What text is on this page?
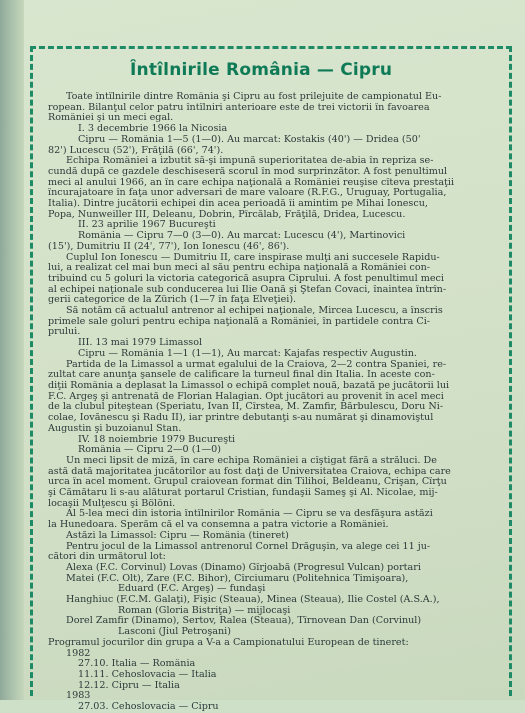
Întîlnirile România — Cipru
Toate întîlnirile dintre România şi Cipru au fost prilejuite de campionatul Eu-
ropean. Bilanţul celor patru întîlniri anterioare este de trei victorii în favoarea
României şi un meci egal.
I. 3 decembrie 1966 la Nicosia
Cipru — România 1—5 (1—0). Au marcat: Kostakis (40') — Dridea (50'
82') Lucescu (52'), Frăţilă (66', 74').
Echipa României a izbutit să-şi impună superioritatea de-abia în repriza se-
cundă după ce gazdele deschiseseră scorul în mod surprinzător. A fost penultimul
meci al anului 1966, an în care echipa naţională a României reuşise cîteva prestaţii
încurajatoare în faţa unor adversari de mare valoare (R.F.G., Uruguay, Portugalia,
Italia). Dintre jucătorii echipei din acea perioadă îi amintim pe Mihai Ionescu,
Popa, Nunweiller III, Deleanu, Dobrin, Pîrcălab, Frăţilă, Dridea, Lucescu.
II. 23 aprilie 1967 Bucureşti
România — Cipru 7—0 (3—0). Au marcat: Lucescu (4'), Martinovici
(15'), Dumitriu II (24', 77'), Ion Ionescu (46', 86').
Cuplul Ion Ionescu — Dumitriu II, care inspirase mulţi ani succesele Rapidu-
lui, a realizat cel mai bun meci al său pentru echipa naţională a României con-
tribuind cu 5 goluri la victoria categorică asupra Ciprului. A fost penultimul meci
al echipei naţionale sub conducerea lui Ilie Oană şi Ştefan Covaci, înaintea întrîn-
gerii categorice de la Zürich (1—7 în faţa Elveţiei).
Să notăm că actualul antrenor al echipei naţionale, Mircea Lucescu, a înscris
primele sale goluri pentru echipa naţională a României, în partidele contra Ci-
prului.
III. 13 mai 1979 Limassol
Cipru — România 1—1 (1—1), Au marcat: Kajafas respectiv Augustin.
Partida de la Limassol a urmat egalului de la Craiova, 2—2 contra Spaniei, re-
zultat care anunţa şansele de calificare la turneul final din Italia. În aceste con-
diţii România a deplasat la Limassol o echipă complet nouă, bazată pe jucătorii lui
F.C. Argeş şi antrenată de Florian Halagian. Opt jucători au provenit în acel meci
de la clubul piteştean (Speriatu, Ivan II, Cîrstea, M. Zamfir, Bărbulescu, Doru Ni-
colae, Iovănescu şi Radu II), iar printre debutanţi s-au numărat şi dinamoviştul
Augustin şi buzoianul Stan.
IV. 18 noiembrie 1979 Bucureşti
România — Cipru 2—0 (1—0)
Un meci lipsit de miză, în care echipa României a cîştigat fără a străluci. De
astă dată majoritatea jucătorilor au fost daţi de Universitatea Craiova, echipa care
urca în acel moment. Grupul craiovean format din Tilihoi, Beldeanu, Crişan, Cîrţu
şi Cămătaru li s-au alăturat portarul Cristian, fundaşii Sameş şi Al. Nicolae, mij-
locaşii Mulţescu şi Bölöni.
Al 5-lea meci din istoria întîlnirilor România — Cipru se va desfăşura astăzi
la Hunedoara. Sperăm că el va consemna a patra victorie a României.
Astăzi la Limassol: Cipru — România (tineret)
Pentru jocul de la Limassol antrenorul Cornel Drăguşin, va alege cei 11 ju-
cători din următorul lot:
Alexa (F.C. Corvinul) Lovas (Dinamo) Gîrjoabă (Progresul Vulcan) portari
Matei (F.C. Olt), Zare (F.C. Bihor), Cîrciumaru (Politehnica Timişoara),
Eduard (F.C. Argeş) — fundaşi
Hanghiuc (F.C.M. Galaţi), Fişic (Steaua), Minea (Steaua), Ilie Costel (A.S.A.),
Roman (Gloria Bistriţa) — mijlocaşi
Dorel Zamfir (Dinamo), Sertov, Ralea (Steaua), Tîrnovean Dan (Corvinul)
Lasconi (Jiul Petroşani)
Programul jocurilor din grupa a V-a a Campionatului European de tineret:
1982
27.10. Italia — România
11.11. Cehoslovacia — Italia
12.12. Cipru — Italia
1983
27.03. Cehoslovacia — Cipru
